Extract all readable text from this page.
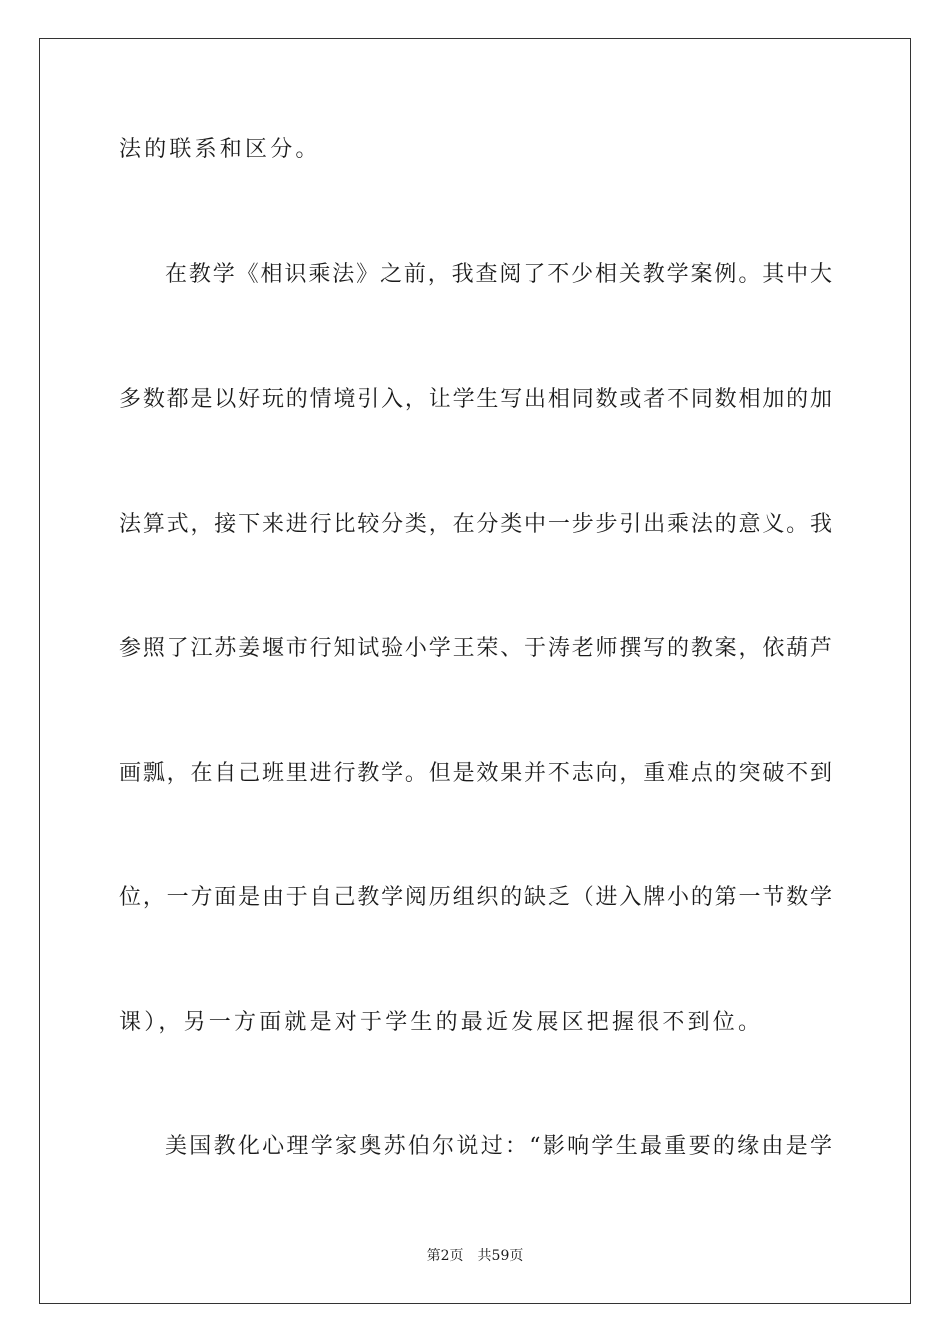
法的联系和区分。
在教学《相识乘法》之前，我查阅了不少相关教学案例。其中大
多数都是以好玩的情境引入，让学生写出相同数或者不同数相加的加
法算式，接下来进行比较分类，在分类中一步步引出乘法的意义。我
参照了江苏姜堰市行知试验小学王荣、于涛老师撰写的教案，依葫芦
画瓢，在自己班里进行教学。但是效果并不志向，重难点的突破不到
位，一方面是由于自己教学阅历组织的缺乏（进入牌小的第一节数学
课），另一方面就是对于学生的最近发展区把握很不到位。
美国教化心理学家奥苏伯尔说过：“影响学生最重要的缘由是学
第2页 共59页
